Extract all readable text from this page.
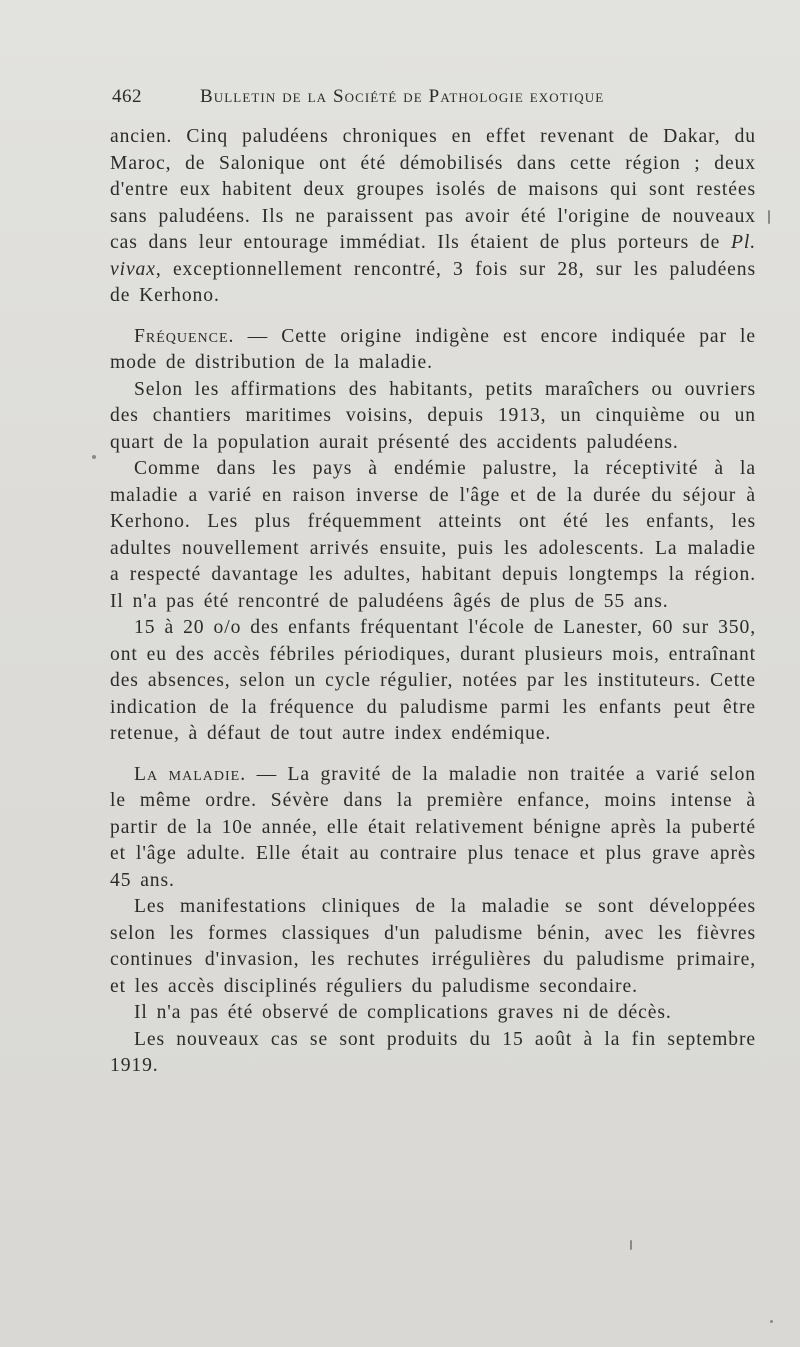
462	Bulletin de la Société de Pathologie exotique

ancien. Cinq paludéens chroniques en effet revenant de Dakar, du Maroc, de Salonique ont été démobilisés dans cette région ; deux d'entre eux habitent deux groupes isolés de maisons qui sont restées sans paludéens. Ils ne paraissent pas avoir été l'origine de nouveaux cas dans leur entourage immédiat. Ils étaient de plus porteurs de Pl. vivax, exceptionnellement rencontré, 3 fois sur 28, sur les paludéens de Kerhono.

Fréquence. — Cette origine indigène est encore indiquée par le mode de distribution de la maladie.

Selon les affirmations des habitants, petits maraîchers ou ouvriers des chantiers maritimes voisins, depuis 1913, un cinquième ou un quart de la population aurait présenté des accidents paludéens.

Comme dans les pays à endémie palustre, la réceptivité à la maladie a varié en raison inverse de l'âge et de la durée du séjour à Kerhono. Les plus fréquemment atteints ont été les enfants, les adultes nouvellement arrivés ensuite, puis les adolescents. La maladie a respecté davantage les adultes, habitant depuis longtemps la région. Il n'a pas été rencontré de paludéens âgés de plus de 55 ans.

15 à 20 o/o des enfants fréquentant l'école de Lanester, 60 sur 350, ont eu des accès fébriles périodiques, durant plusieurs mois, entraînant des absences, selon un cycle régulier, notées par les instituteurs. Cette indication de la fréquence du paludisme parmi les enfants peut être retenue, à défaut de tout autre index endémique.

La maladie. — La gravité de la maladie non traitée a varié selon le même ordre. Sévère dans la première enfance, moins intense à partir de la 10e année, elle était relativement bénigne après la puberté et l'âge adulte. Elle était au contraire plus tenace et plus grave après 45 ans.

Les manifestations cliniques de la maladie se sont développées selon les formes classiques d'un paludisme bénin, avec les fièvres continues d'invasion, les rechutes irrégulières du paludisme primaire, et les accès disciplinés réguliers du paludisme secondaire.

Il n'a pas été observé de complications graves ni de décès.

Les nouveaux cas se sont produits du 15 août à la fin septembre 1919.
